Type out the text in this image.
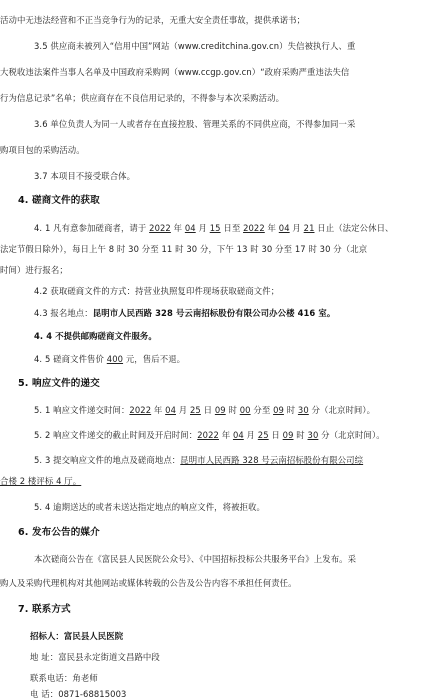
活动中无违法经营和不正当竞争行为的记录，无重大安全责任事故，提供承诺书；
3.5 供应商未被列入“信用中国”网站（www.creditchina.gov.cn）失信被执行人、重
大税收违法案件当事人名单及中国政府采购网（www.ccgp.gov.cn）“政府采购严重违法失信
行为信息记录”名单；供应商存在不良信用记录的，不得参与本次采购活动。
3.6 单位负责人为同一人或者存在直接控股、管理关系的不同供应商，不得参加同一采
购项目包的采购活动。
3.7 本项目不接受联合体。
4. 磋商文件的获取
4. 1 凡有意参加磋商者，请于 2022 年 04 月 15 日至 2022 年 04 月 21 日止（法定公休日、
法定节假日除外），每日上午 8 时 30 分至 11 时 30 分，下午 13 时 30 分至 17 时 30 分（北京
时间）进行报名；
4.2 获取磋商文件的方式：持营业执照复印件现场获取磋商文件；
4.3 报名地点：昆明市人民西路 328 号云南招标股份有限公司办公楼 416 室。
4. 4 不提供邮购磋商文件服务。
4. 5 磋商文件售价 400 元，售后不退。
5. 响应文件的递交
5. 1 响应文件递交时间：2022 年 04 月 25 日 09 时 00 分至 09 时 30 分（北京时间）。
5. 2 响应文件递交的截止时间及开启时间：2022 年 04 月 25 日 09 时 30 分（北京时间）。
5. 3 提交响应文件的地点及磋商地点：昆明市人民西路 328 号云南招标股份有限公司综
合楼 2 楼评标 4 厅。
5. 4 逾期送达的或者未送达指定地点的响应文件，将被拒收。
6. 发布公告的媒介
本次磋商公告在《富民县人民医院公众号》、《中国招标投标公共服务平台》上发布。采
购人及采购代理机构对其他网站或媒体转载的公告及公告内容不承担任何责任。
7. 联系方式
招标人：富民县人民医院
地 址：富民县永定街道文昌路中段
联系电话：角老师
电 话：0871-68815003
